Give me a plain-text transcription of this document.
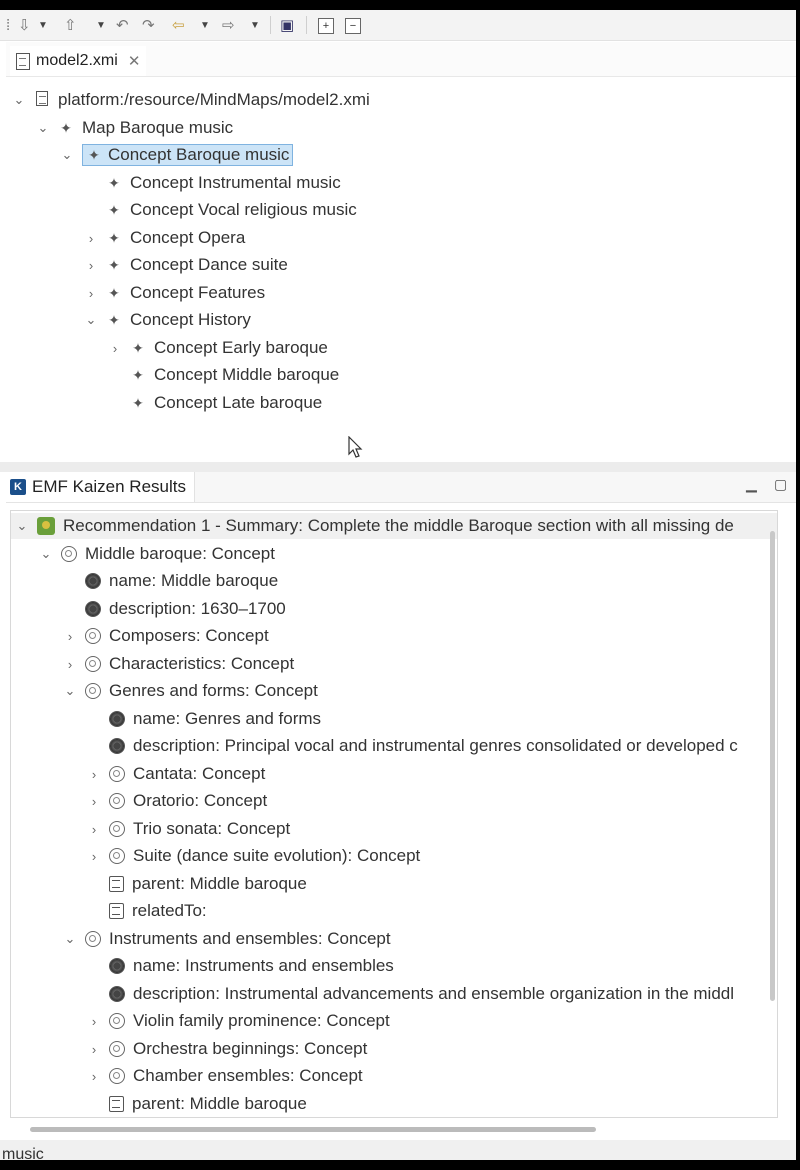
⁞ ⇩ ▼ ⇧ ▼ ↶ ↷ ⇦ ▼ ⇨ ▼ ▣	+	−
model2.xmi ✕
⌄ platform:/resource/MindMaps/model2.xmi
⌄ ✦ Map Baroque music
⌄	✦ Concept Baroque music
✦ Concept Instrumental music
✦ Concept Vocal religious music
›	✦ Concept Opera
›	✦ Concept Dance suite
›	✦ Concept Features
⌄ ✦ Concept History
›	✦ Concept Early baroque
✦ Concept Middle baroque
✦ Concept Late baroque
K EMF Kaizen Results	▁ ▢
⌄ Recommendation 1 - Summary: Complete the middle Baroque section with all missing de
⌄ Middle baroque: Concept
name: Middle baroque
description: 1630–1700
› Composers: Concept
› Characteristics: Concept
⌄ Genres and forms: Concept
name: Genres and forms
description: Principal vocal and instrumental genres consolidated or developed c
› Cantata: Concept
› Oratorio: Concept
› Trio sonata: Concept
› Suite (dance suite evolution): Concept
parent: Middle baroque
relatedTo:
⌄ Instruments and ensembles: Concept
name: Instruments and ensembles
description: Instrumental advancements and ensemble organization in the middl
› Violin family prominence: Concept
› Orchestra beginnings: Concept
› Chamber ensembles: Concept
parent: Middle baroque
music
